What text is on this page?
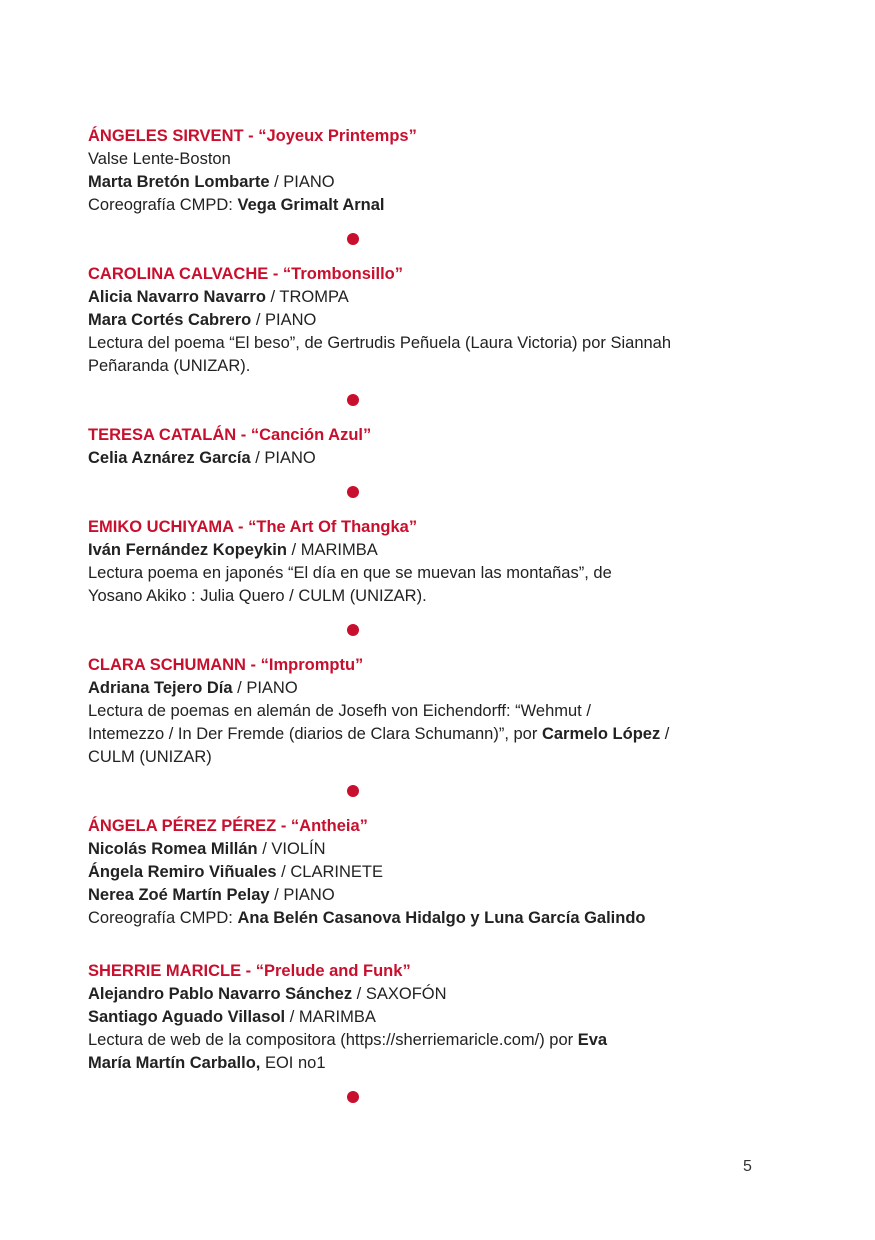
ÁNGELES SIRVENT - “Joyeux Printemps”
Valse Lente-Boston
Marta Bretón Lombarte / PIANO
Coreografía CMPD: Vega Grimalt Arnal
CAROLINA CALVACHE - “Trombonsillo”
Alicia Navarro Navarro / TROMPA
Mara Cortés Cabrero / PIANO
Lectura del poema “El beso”, de Gertrudis Peñuela (Laura Victoria) por Siannah
Peñaranda (UNIZAR).
TERESA CATALÁN - “Canción Azul”
Celia Aznárez García / PIANO
EMIKO UCHIYAMA - “The Art Of Thangka”
Iván Fernández Kopeykin / MARIMBA
Lectura poema en japonés “El día en que se muevan las montañas”, de
Yosano Akiko : Julia Quero / CULM (UNIZAR).
CLARA SCHUMANN - “Impromptu”
Adriana Tejero Día / PIANO
Lectura de poemas en alemán de Josefh von Eichendorff: “Wehmut /
Intemezzo / In Der Fremde (diarios de Clara Schumann)”, por Carmelo López /
CULM (UNIZAR)
ÁNGELA PÉREZ PÉREZ - “Antheia”
Nicolás Romea Millán / VIOLÍN
Ángela Remiro Viñuales / CLARINETE
Nerea Zoé Martín Pelay / PIANO
Coreografía CMPD: Ana Belén Casanova Hidalgo y Luna García Galindo
SHERRIE MARICLE - “Prelude and Funk”
Alejandro Pablo Navarro Sánchez / SAXOFÓN
Santiago Aguado Villasol / MARIMBA
Lectura de web de la compositora (https://sherriemaricle.com/) por Eva
María Martín Carballo, EOI no1
5
